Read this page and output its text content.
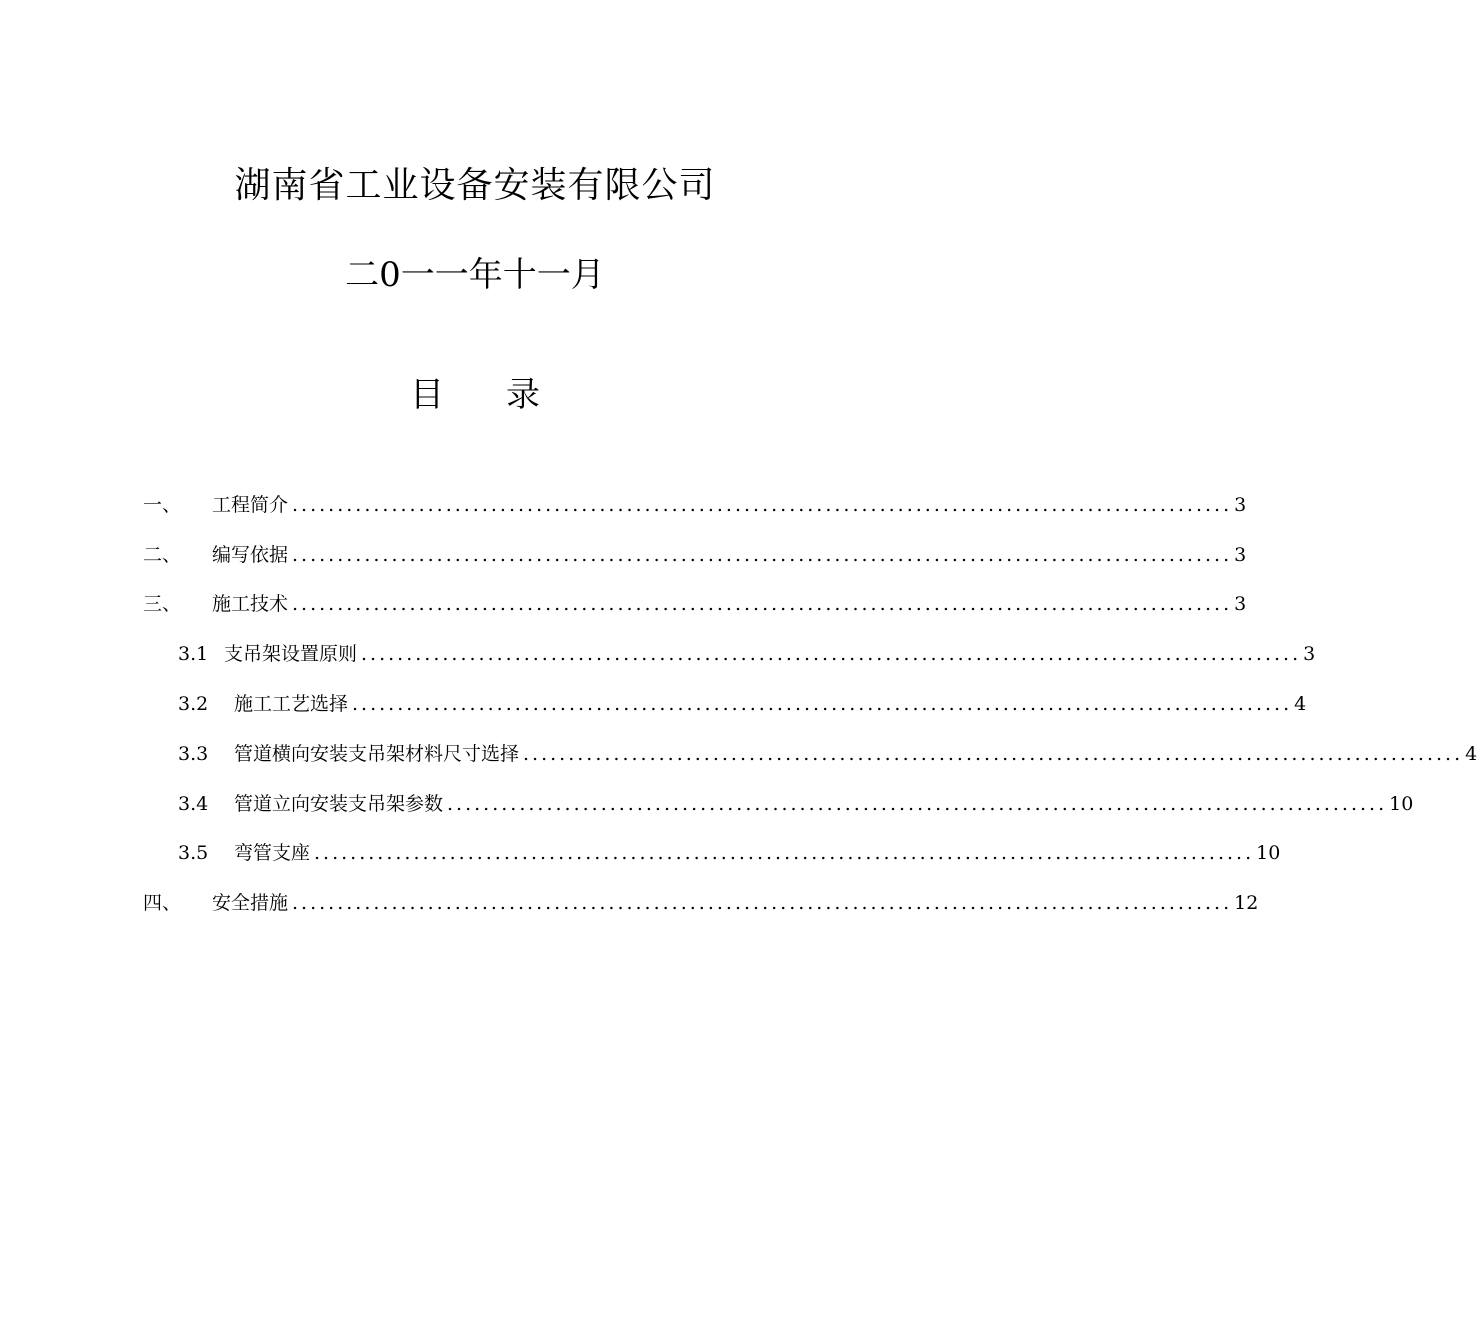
湖南省工业设备安装有限公司
二0一一年十一月
目 录
一、	工程简介 ........................................................................................................ 3
二、	编写依据 ........................................................................................................ 3
三、	施工技术 ........................................................................................................ 3
3.1 支吊架设置原则 ........................................................................................................ 3
3.2	施工工艺选择 ........................................................................................................ 4
3.3	管道横向安装支吊架材料尺寸选择 ........................................................................................................ 4
3.4	管道立向安装支吊架参数 ........................................................................................................ 10
3.5	弯管支座 ........................................................................................................ 10
四、	安全措施 ........................................................................................................ 12
